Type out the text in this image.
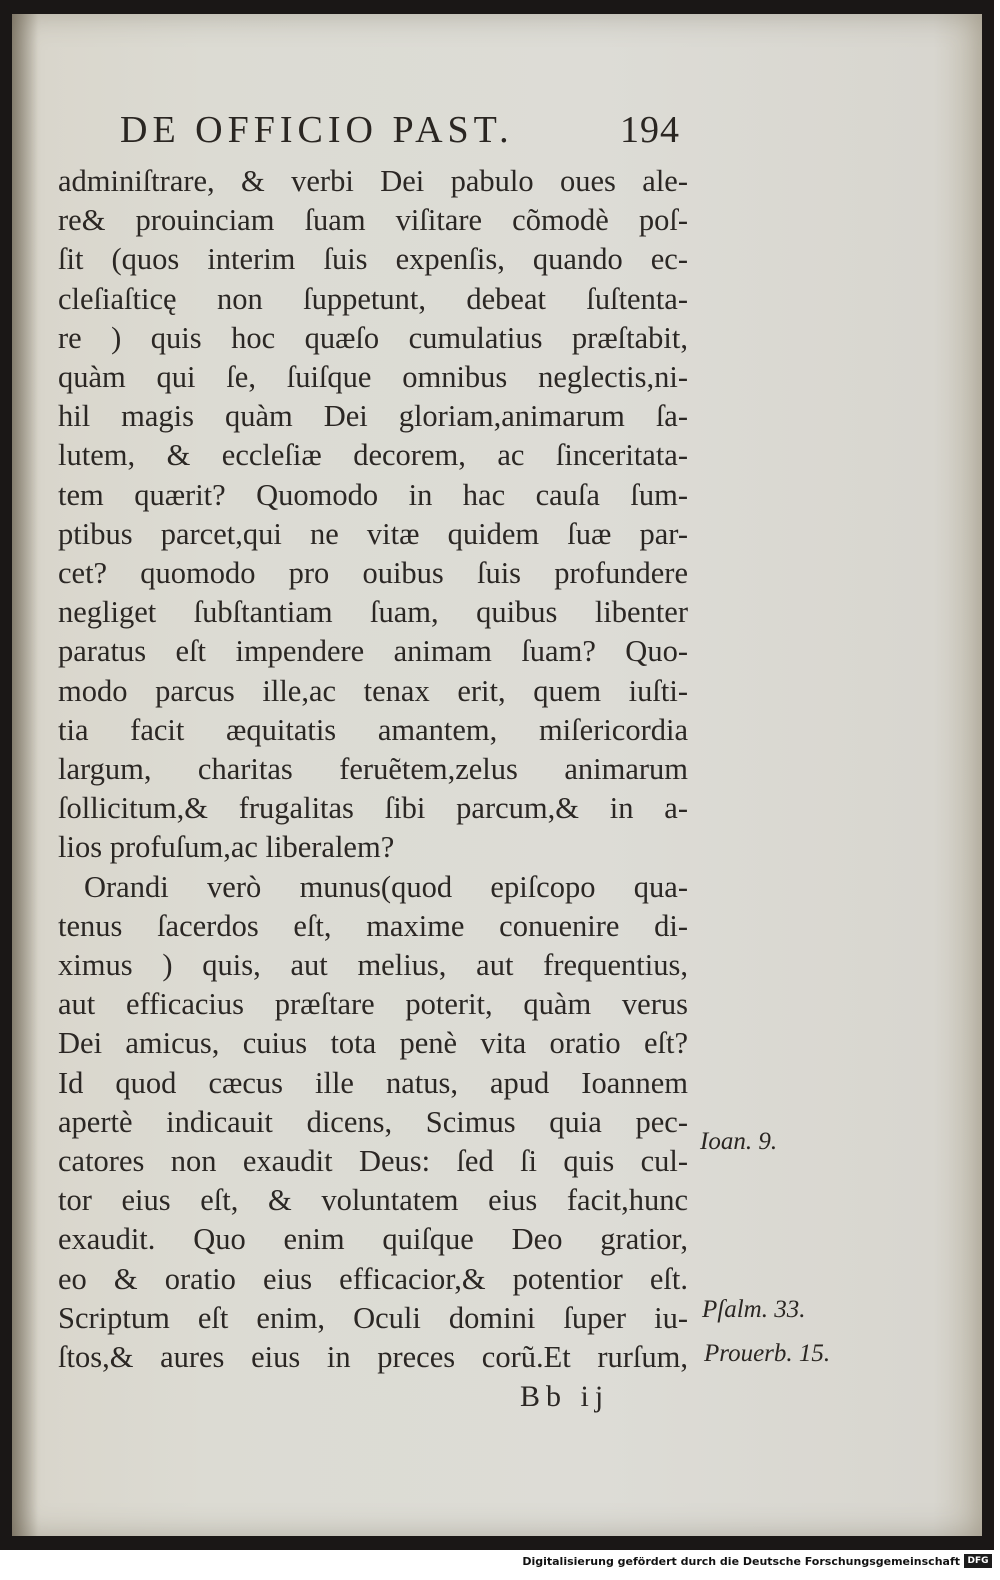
DE OFFICIO PAST.	194
adminiſtrare, & verbi Dei pabulo oues ale-
re& prouinciam ſuam viſitare cõmodè poſ-
ſit (quos interim ſuis expenſis, quando ec-
cleſiaſticę non ſuppetunt, debeat ſuſtenta-
re ) quis hoc quæſo cumulatius præſtabit,
quàm qui ſe, ſuiſque omnibus neglectis,ni-
hil magis quàm Dei gloriam,animarum ſa-
lutem, & eccleſiæ decorem, ac ſinceritata-
tem quærit? Quomodo in hac cauſa ſum-
ptibus parcet,qui ne vitæ quidem ſuæ par-
cet? quomodo pro ouibus ſuis profundere
negliget ſubſtantiam ſuam, quibus libenter
paratus eſt impendere animam ſuam? Quo-
modo parcus ille,ac tenax erit, quem iuſti-
tia facit æquitatis amantem, miſericordia
largum, charitas feruẽtem,zelus animarum
ſollicitum,& frugalitas ſibi parcum,& in a-
lios profuſum,ac liberalem?
Orandi verò munus(quod epiſcopo qua-
tenus ſacerdos eſt, maxime conuenire di-
ximus ) quis, aut melius, aut frequentius,
aut efficacius præſtare poterit, quàm verus
Dei amicus, cuius tota penè vita oratio eſt?
Id quod cæcus ille natus, apud Ioannem
apertè indicauit dicens, Scimus quia pec-
catores non exaudit Deus: ſed ſi quis cul-
tor eius eſt, & voluntatem eius facit,hunc
exaudit. Quo enim quiſque Deo gratior,
eo & oratio eius efficacior,& potentior eſt.
Scriptum eſt enim, Oculi domini ſuper iu-
ſtos,& aures eius in preces corũ.Et rurſum,
Ioan. 9.
Pſalm. 33.
Prouerb. 15.
Bb ij
Digitalisierung gefördert durch die Deutsche Forschungsgemeinschaft DFG
